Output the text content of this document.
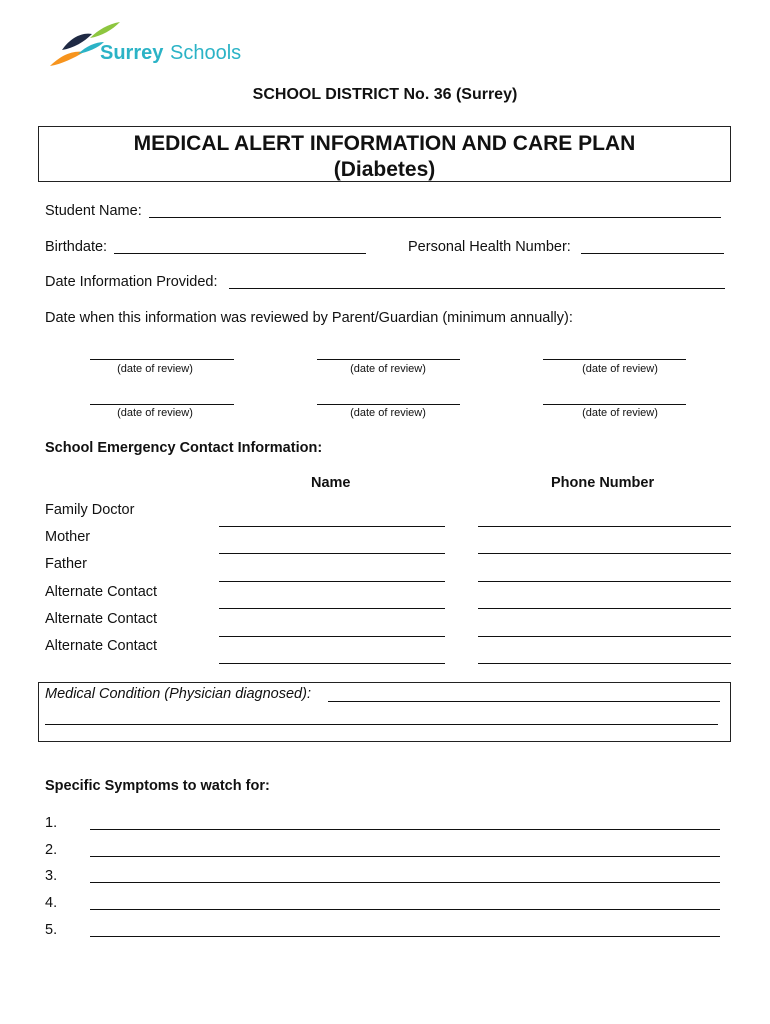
Surrey Schools
SCHOOL DISTRICT No. 36 (Surrey)
MEDICAL ALERT INFORMATION AND CARE PLAN
(Diabetes)
Student Name:
Birthdate:	Personal Health Number:
Date Information Provided:
Date when this information was reviewed by Parent/Guardian (minimum annually):
(date of review)	(date of review)	(date of review)
(date of review)	(date of review)	(date of review)
School Emergency Contact Information:
Name	Phone Number
Family Doctor
Mother
Father
Alternate Contact
Alternate Contact
Alternate Contact
Medical Condition (Physician diagnosed):
Specific Symptoms to watch for:
1.
2.
3.
4.
5.
